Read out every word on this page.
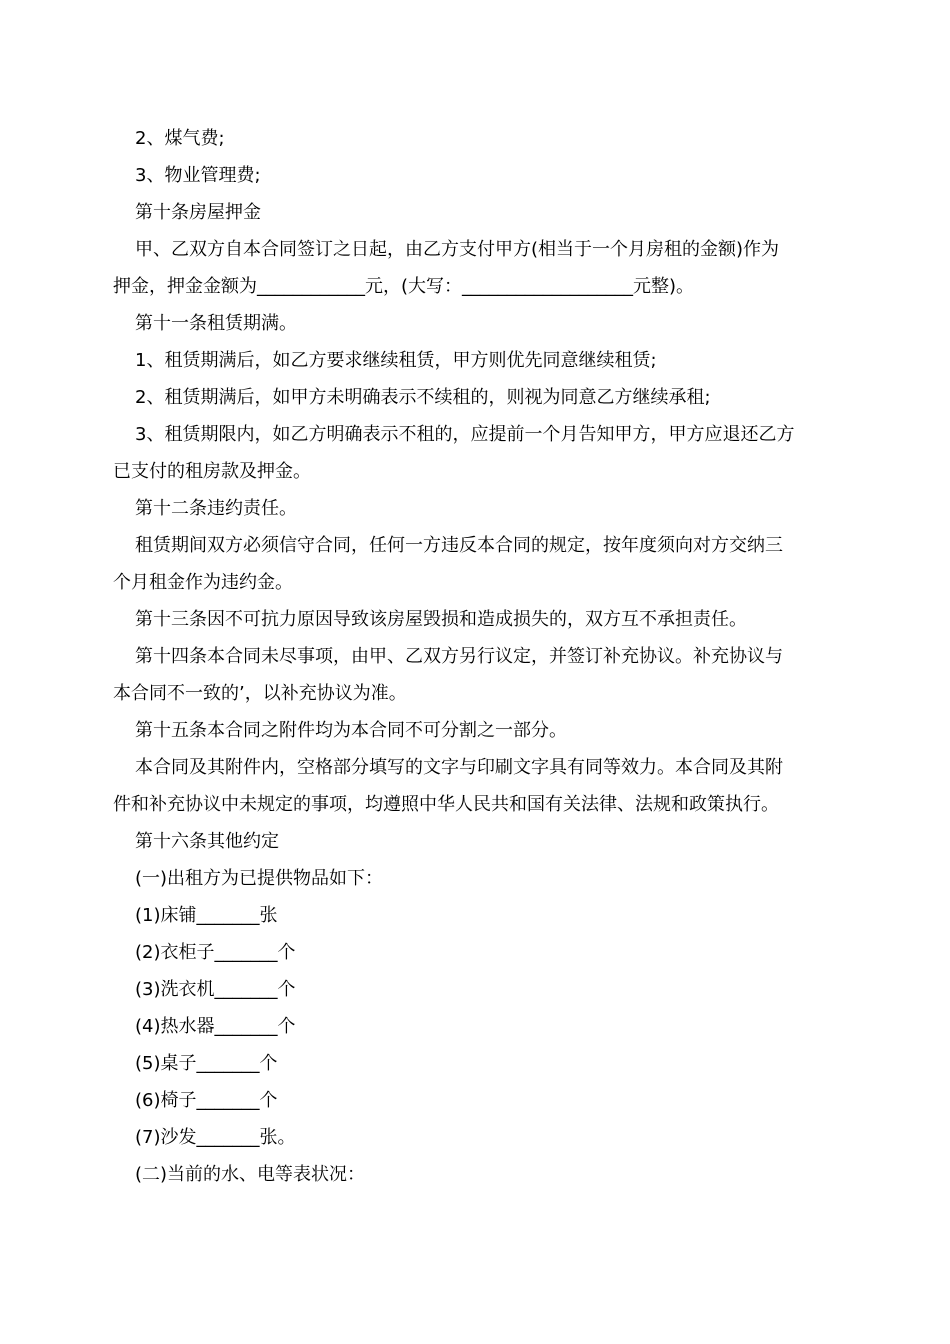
2、煤气费;
3、物业管理费;
第十条房屋押金
甲、乙双方自本合同签订之日起，由乙方支付甲方(相当于一个月房租的金额)作为
押金，押金金额为____________元，(大写：___________________元整)。
第十一条租赁期满。
1、租赁期满后，如乙方要求继续租赁，甲方则优先同意继续租赁;
2、租赁期满后，如甲方未明确表示不续租的，则视为同意乙方继续承租;
3、租赁期限内，如乙方明确表示不租的，应提前一个月告知甲方，甲方应退还乙方
已支付的租房款及押金。
第十二条违约责任。
租赁期间双方必须信守合同，任何一方违反本合同的规定，按年度须向对方交纳三
个月租金作为违约金。
第十三条因不可抗力原因导致该房屋毁损和造成损失的，双方互不承担责任。
第十四条本合同未尽事项，由甲、乙双方另行议定，并签订补充协议。补充协议与
本合同不一致的’，以补充协议为准。
第十五条本合同之附件均为本合同不可分割之一部分。
本合同及其附件内，空格部分填写的文字与印刷文字具有同等效力。本合同及其附
件和补充协议中未规定的事项，均遵照中华人民共和国有关法律、法规和政策执行。
第十六条其他约定
(一)出租方为已提供物品如下：
(1)床铺_______张
(2)衣柜子_______个
(3)洗衣机_______个
(4)热水器_______个
(5)桌子_______个
(6)椅子_______个
(7)沙发_______张。
(二)当前的水、电等表状况：
